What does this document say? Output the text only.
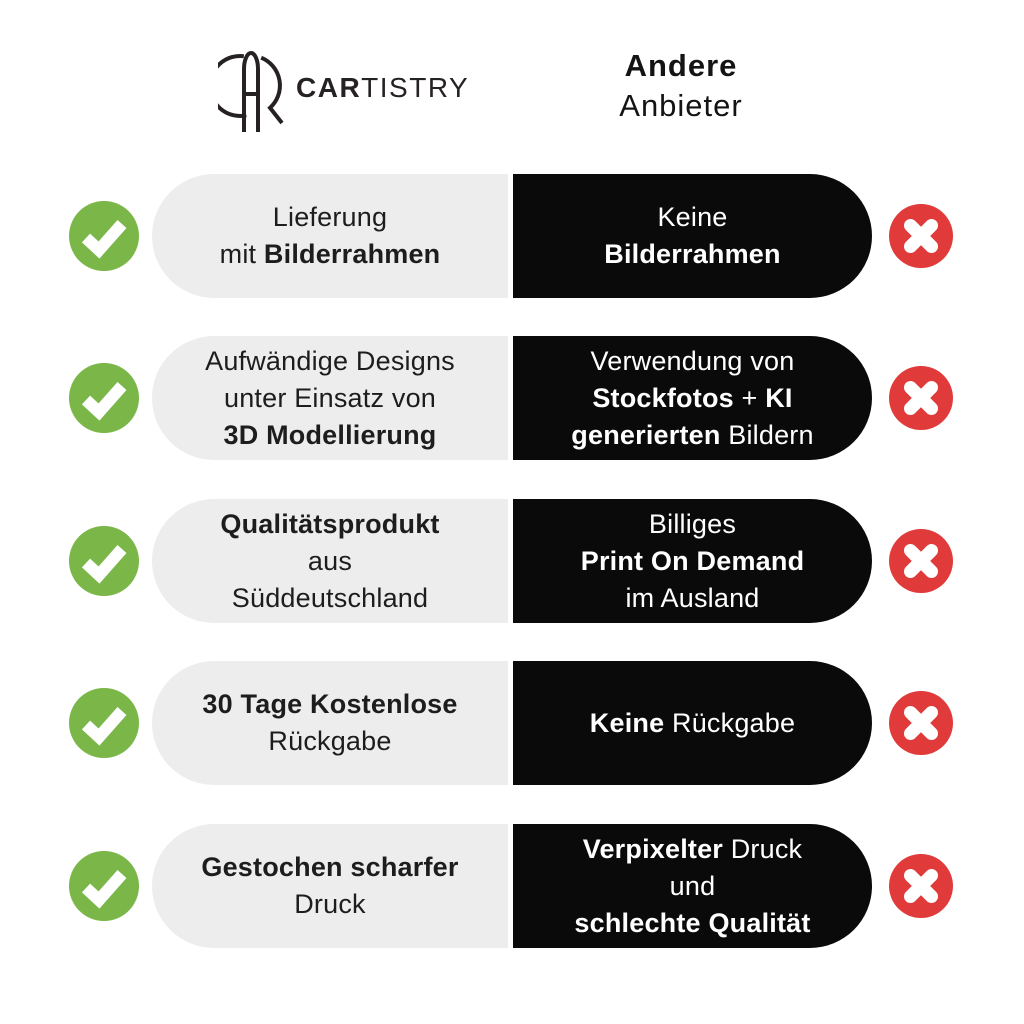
CARTISTRY
Andere
Anbieter
Lieferung
mit Bilderrahmen
Keine
Bilderrahmen
Aufwändige Designs
unter Einsatz von
3D Modellierung
Verwendung von
Stockfotos + KI
generierten Bildern
Qualitätsprodukt
aus
Süddeutschland
Billiges
Print On Demand
im Ausland
30 Tage Kostenlose
Rückgabe
Keine Rückgabe
Gestochen scharfer
Druck
Verpixelter Druck
und
schlechte Qualität
